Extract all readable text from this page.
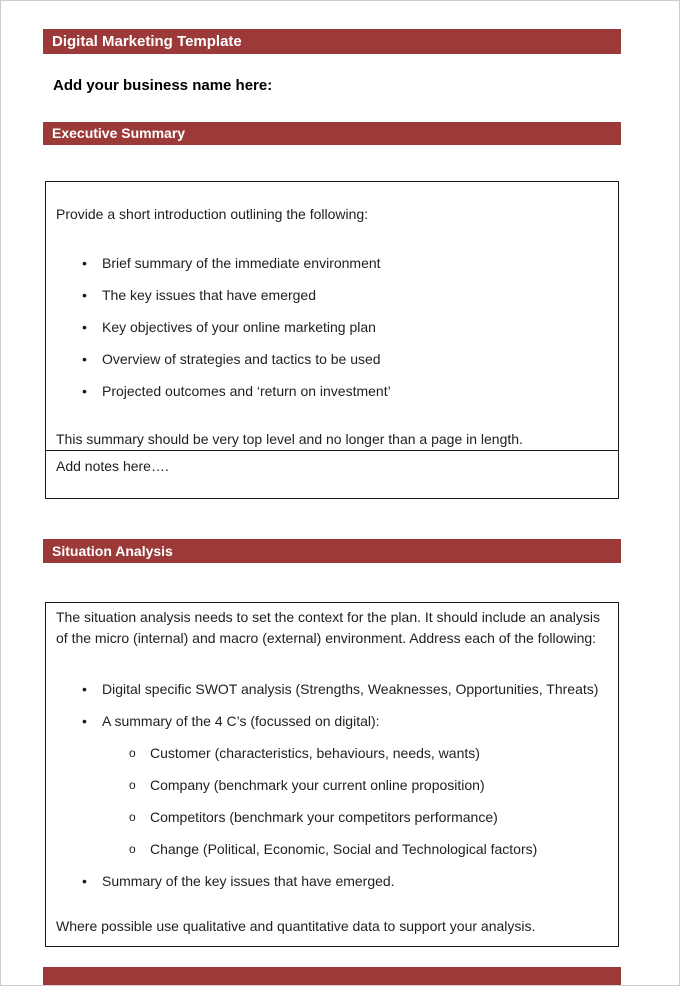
Digital Marketing Template
Add your business name here:
Executive Summary

Provide a short introduction outlining the following:

•	Brief summary of the immediate environment
•	The key issues that have emerged
•	Key objectives of your online marketing plan
•	Overview of strategies and tactics to be used
•	Projected outcomes and ‘return on investment’

This summary should be very top level and no longer than a page in length.

Add notes here….

Situation Analysis

The situation analysis needs to set the context for the plan. It should include an analysis of the micro (internal) and macro (external) environment. Address each of the following:

•	Digital specific SWOT analysis (Strengths, Weaknesses, Opportunities, Threats)
•	A summary of the 4 C’s (focussed on digital):
o	Customer (characteristics, behaviours, needs, wants)
o	Company (benchmark your current online proposition)
o	Competitors (benchmark your competitors performance)
o	Change (Political, Economic, Social and Technological factors)
•	Summary of the key issues that have emerged.

Where possible use qualitative and quantitative data to support your analysis.
